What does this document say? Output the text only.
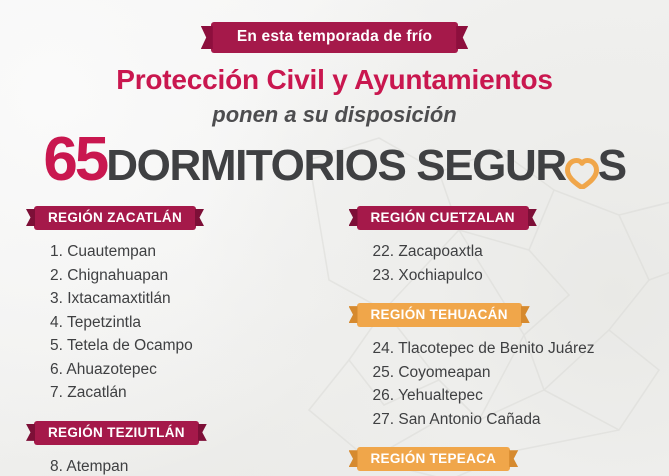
En esta temporada de frío
Protección Civil y Ayuntamientos
ponen a su disposición
65 DORMITORIOS SEGUR S
REGIÓN ZACATLÁN
1. Cuautempan
2. Chignahuapan
3. Ixtacamaxtitlán
4. Tepetzintla
5. Tetela de Ocampo
6. Ahuazotepec
7. Zacatlán
REGIÓN TEZIUTLÁN
8. Atempan
REGIÓN CUETZALAN
22. Zacapoaxtla
23. Xochiapulco
REGIÓN TEHUACÁN
24. Tlacotepec de Benito Juárez
25. Coyomeapan
26. Yehualtepec
27. San Antonio Cañada
REGIÓN TEPEACA
